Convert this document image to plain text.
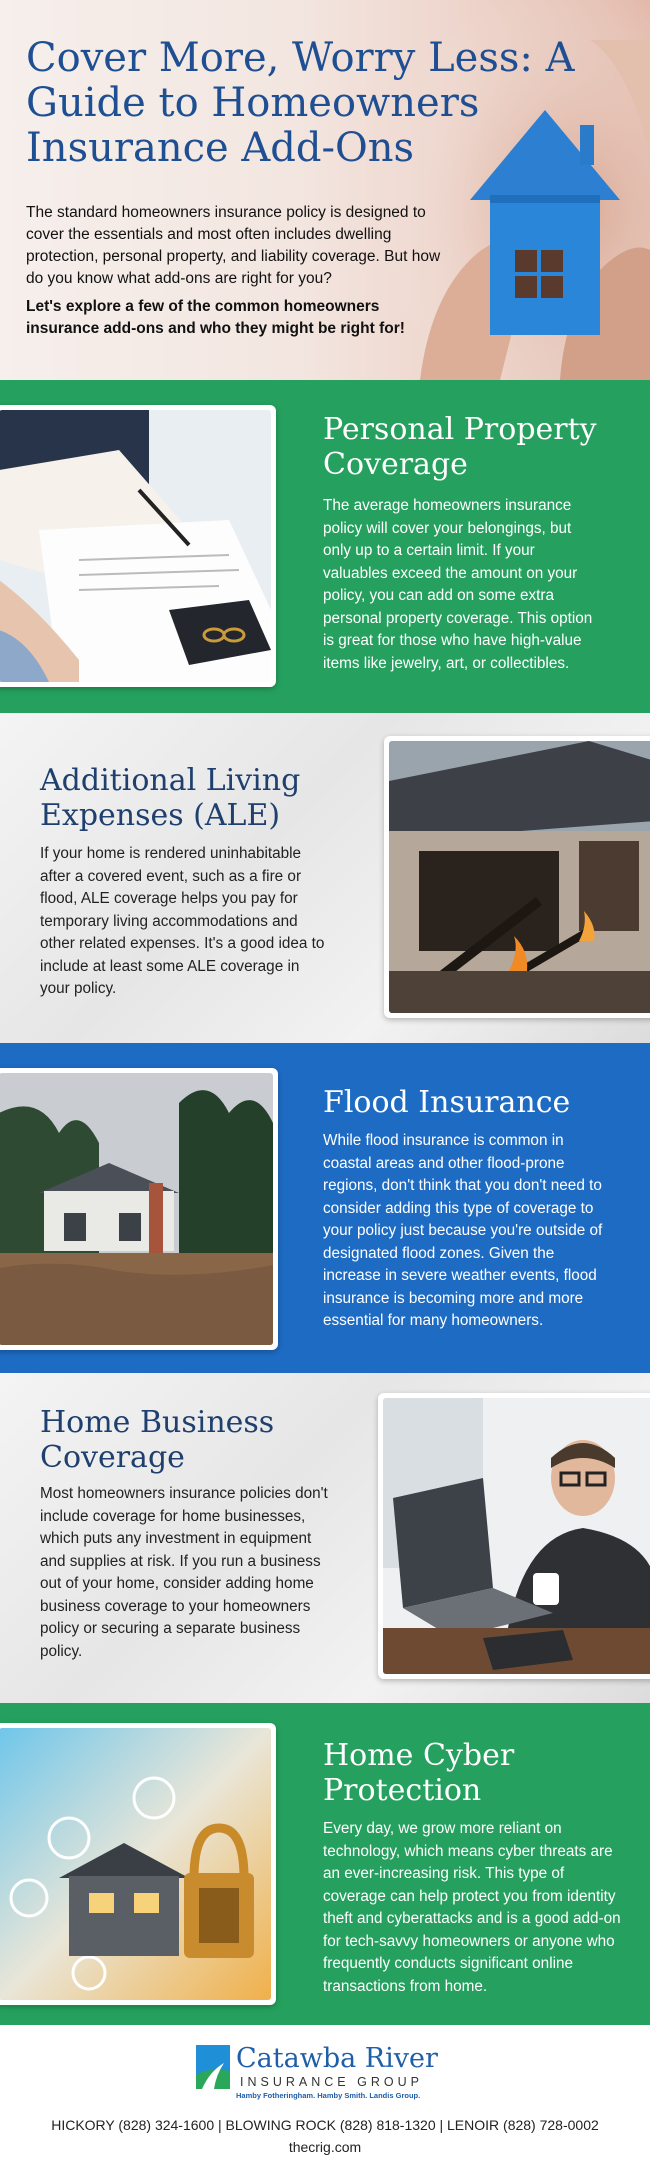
Cover More, Worry Less: A Guide to Homeowners Insurance Add-Ons

The standard homeowners insurance policy is designed to cover the essentials and most often includes dwelling protection, personal property, and liability coverage. But how do you know what add-ons are right for you?

Let's explore a few of the common homeowners insurance add-ons and who they might be right for!

Personal Property Coverage

The average homeowners insurance policy will cover your belongings, but only up to a certain limit. If your valuables exceed the amount on your policy, you can add on some extra personal property coverage. This option is great for those who have high-value items like jewelry, art, or collectibles.

Additional Living Expenses (ALE)

If your home is rendered uninhabitable after a covered event, such as a fire or flood, ALE coverage helps you pay for temporary living accommodations and other related expenses. It's a good idea to include at least some ALE coverage in your policy.

Flood Insurance

While flood insurance is common in coastal areas and other flood-prone regions, don't think that you don't need to consider adding this type of coverage to your policy just because you're outside of designated flood zones. Given the increase in severe weather events, flood insurance is becoming more and more essential for many homeowners.

Home Business Coverage

Most homeowners insurance policies don't include coverage for home businesses, which puts any investment in equipment and supplies at risk. If you run a business out of your home, consider adding home business coverage to your homeowners policy or securing a separate business policy.

Home Cyber Protection

Every day, we grow more reliant on technology, which means cyber threats are an ever-increasing risk. This type of coverage can help protect you from identity theft and cyberattacks and is a good add-on for tech-savvy homeowners or anyone who frequently conducts significant online transactions from home.

Catawba River
INSURANCE GROUP
Hamby Fotheringham. Hamby Smith. Landis Group.
HICKORY (828) 324-1600 | BLOWING ROCK (828) 818-1320 | LENOIR (828) 728-0002
thecrig.com
